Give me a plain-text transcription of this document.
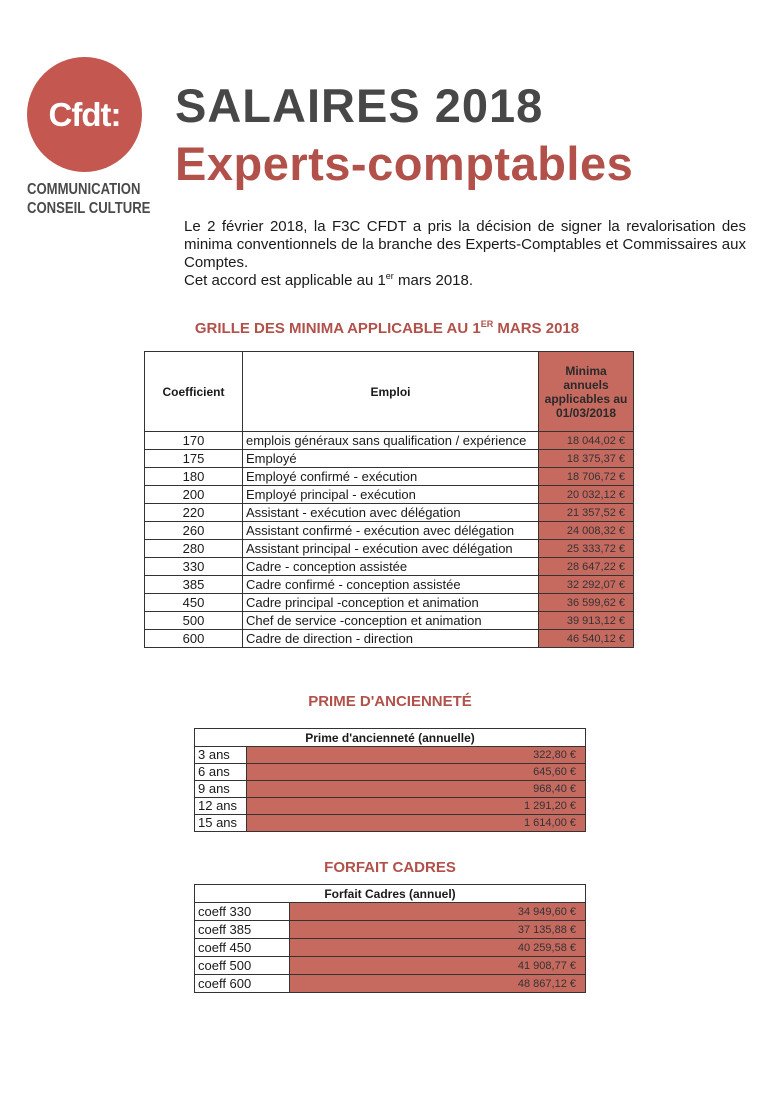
Cfdt:
COMMUNICATION
CONSEIL CULTURE
SALAIRES 2018
Experts-comptables

Le 2 février 2018, la F3C CFDT a pris la décision de signer la revalorisation des minima conventionnels de la branche des Experts-Comptables et Commissaires aux Comptes.

Cet accord est applicable au 1er mars 2018.

GRILLE DES MINIMA APPLICABLE AU 1ER MARS 2018
Coefficient	Emploi	Minima annuels applicables au 01/03/2018
170	emplois généraux sans qualification / expérience	18 044,02 €
175	Employé	18 375,37 €
180	Employé confirmé - exécution	18 706,72 €
200	Employé principal - exécution	20 032,12 €
220	Assistant - exécution avec délégation	21 357,52 €
260	Assistant confirmé - exécution avec délégation	24 008,32 €
280	Assistant principal - exécution avec délégation	25 333,72 €
330	Cadre - conception assistée	28 647,22 €
385	Cadre confirmé - conception assistée	32 292,07 €
450	Cadre principal -conception et animation	36 599,62 €
500	Chef de service -conception et animation	39 913,12 €
600	Cadre de direction - direction	46 540,12 €
PRIME D'ANCIENNETÉ
Prime d'ancienneté (annuelle)	
3 ans	322,80 €
6 ans	645,60 €
9 ans	968,40 €
12 ans	1 291,20 €
15 ans	1 614,00 €
FORFAIT CADRES
Forfait Cadres (annuel)	
coeff 330	34 949,60 €
coeff 385	37 135,88 €
coeff 450	40 259,58 €
coeff 500	41 908,77 €
coeff 600	48 867,12 €
